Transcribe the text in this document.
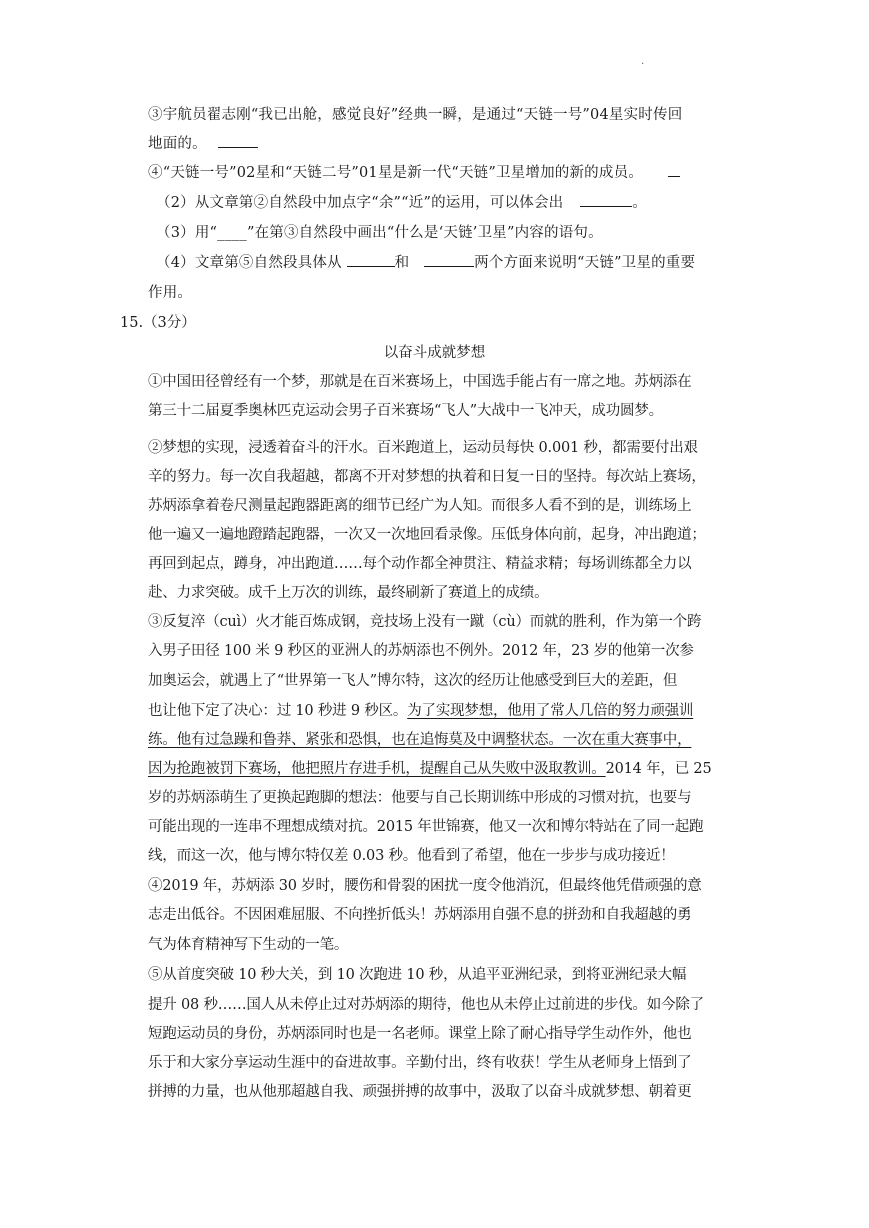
.
③宇航员翟志刚“我已出舱，感觉良好”经典一瞬，是通过“天链一号”04星实时传回
地面的。
④“天链一号”02星和“天链二号”01星是新一代“天链”卫星增加的新的成员。
（2）从文章第②自然段中加点字“余”“近”的运用，可以体会出	。
（3）用“____”在第③自然段中画出“什么是‘天链’卫星”内容的语句。
（4）文章第⑤自然段具体从	和	两个方面来说明“天链”卫星的重要
作用。
15.（3分）
以奋斗成就梦想
①中国田径曾经有一个梦，那就是在百米赛场上，中国选手能占有一席之地。苏炳添在
第三十二届夏季奥林匹克运动会男子百米赛场“飞人”大战中一飞冲天，成功圆梦。
②梦想的实现，浸透着奋斗的汗水。百米跑道上，运动员每快 0.001 秒，都需要付出艰
辛的努力。每一次自我超越，都离不开对梦想的执着和日复一日的坚持。每次站上赛场，
苏炳添拿着卷尺测量起跑器距离的细节已经广为人知。而很多人看不到的是，训练场上
他一遍又一遍地蹬踏起跑器，一次又一次地回看录像。压低身体向前，起身，冲出跑道；
再回到起点，蹲身，冲出跑道……每个动作都全神贯注、精益求精；每场训练都全力以
赴、力求突破。成千上万次的训练，最终刷新了赛道上的成绩。
③反复淬（cuì）火才能百炼成钢，竞技场上没有一蹴（cù）而就的胜利，作为第一个跨
入男子田径 100 米 9 秒区的亚洲人的苏炳添也不例外。2012 年，23 岁的他第一次参
加奥运会，就遇上了“世界第一飞人”博尔特，这次的经历让他感受到巨大的差距，但
也让他下定了决心：过 10 秒进 9 秒区。为了实现梦想，他用了常人几倍的努力顽强训
练。他有过急躁和鲁莽、紧张和恐惧，也在追悔莫及中调整状态。一次在重大赛事中，
因为抢跑被罚下赛场，他把照片存进手机，提醒自己从失败中汲取教训。2014 年，已 25
岁的苏炳添萌生了更换起跑脚的想法：他要与自己长期训练中形成的习惯对抗，也要与
可能出现的一连串不理想成绩对抗。2015 年世锦赛，他又一次和博尔特站在了同一起跑
线，而这一次，他与博尔特仅差 0.03 秒。他看到了希望，他在一步步与成功接近！
④2019 年，苏炳添 30 岁时，腰伤和骨裂的困扰一度令他消沉，但最终他凭借顽强的意
志走出低谷。不因困难屈服、不向挫折低头！苏炳添用自强不息的拼劲和自我超越的勇
气为体育精神写下生动的一笔。
⑤从首度突破 10 秒大关，到 10 次跑进 10 秒，从追平亚洲纪录，到将亚洲纪录大幅
提升 08 秒……国人从未停止过对苏炳添的期待，他也从未停止过前进的步伐。如今除了
短跑运动员的身份，苏炳添同时也是一名老师。课堂上除了耐心指导学生动作外，他也
乐于和大家分享运动生涯中的奋进故事。辛勤付出，终有收获！学生从老师身上悟到了
拼搏的力量，也从他那超越自我、顽强拼搏的故事中，汲取了以奋斗成就梦想、朝着更
